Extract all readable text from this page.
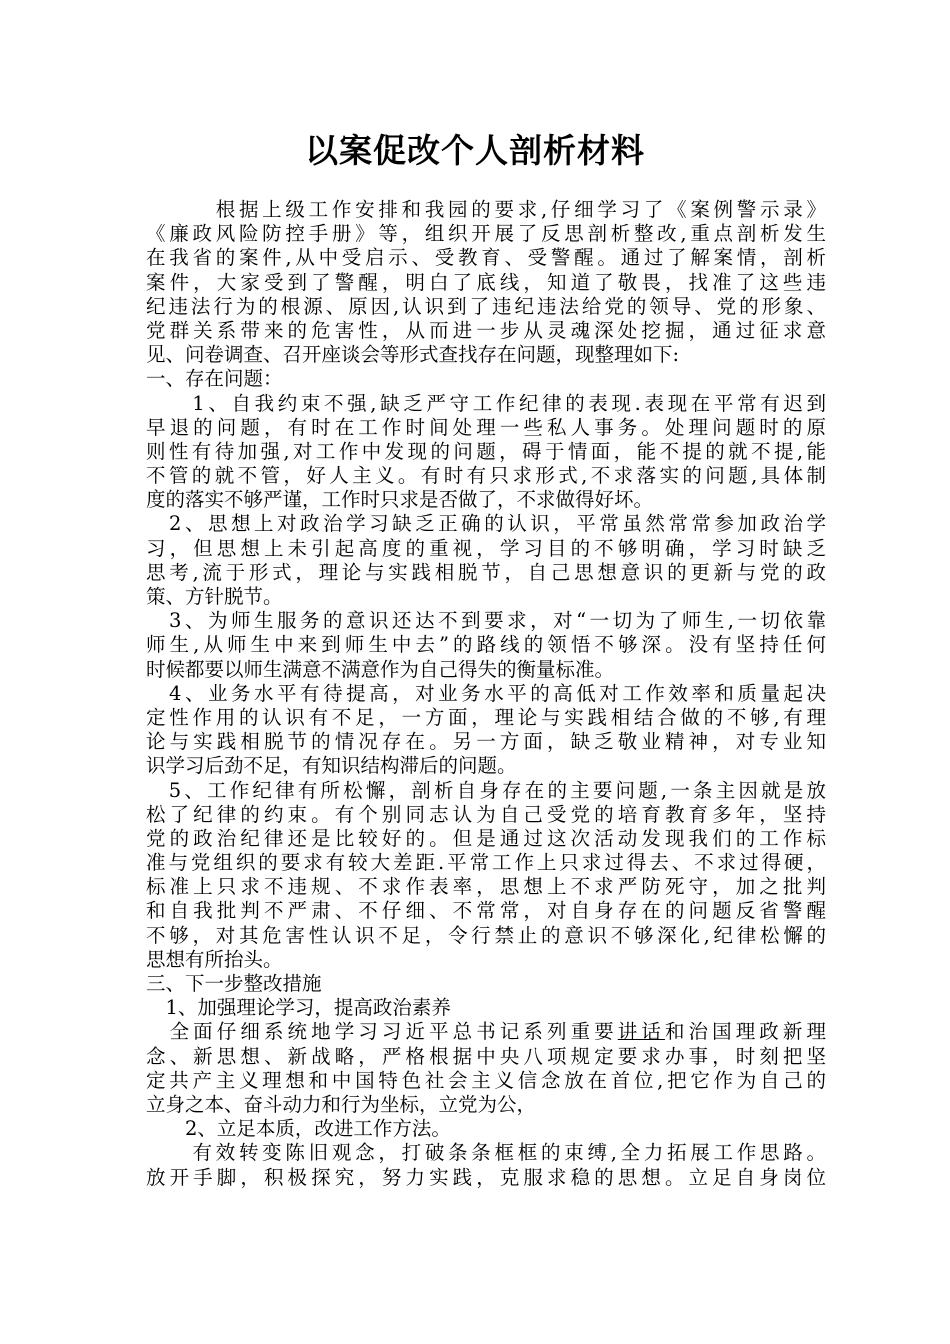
以案促改个人剖析材料
　　　根据上级工作安排和我园的要求,仔细学习了《案例警示录》
《廉政风险防控手册》等，组织开展了反思剖析整改,重点剖析发生
在我省的案件,从中受启示、受教育、受警醒。通过了解案情，剖析
案件，大家受到了警醒，明白了底线，知道了敬畏，找准了这些违
纪违法行为的根源、原因,认识到了违纪违法给党的领导、党的形象、
党群关系带来的危害性，从而进一步从灵魂深处挖掘，通过征求意
见、问卷调查、召开座谈会等形式查找存在问题，现整理如下:
一、存在问题：
　　1、自我约束不强,缺乏严守工作纪律的表现.表现在平常有迟到
早退的问题，有时在工作时间处理一些私人事务。处理问题时的原
则性有待加强,对工作中发现的问题，碍于情面，能不提的就不提,能
不管的就不管，好人主义。有时有只求形式,不求落实的问题,具体制
度的落实不够严谨，工作时只求是否做了，不求做得好坏。
　2、思想上对政治学习缺乏正确的认识，平常虽然常常参加政治学
习，但思想上未引起高度的重视，学习目的不够明确，学习时缺乏
思考,流于形式，理论与实践相脱节，自己思想意识的更新与党的政
策、方针脱节。
　3、为师生服务的意识还达不到要求，对“一切为了师生,一切依靠
师生,从师生中来到师生中去”的路线的领悟不够深。没有坚持任何
时候都要以师生满意不满意作为自己得失的衡量标准。
　4、业务水平有待提高，对业务水平的高低对工作效率和质量起决
定性作用的认识有不足，一方面，理论与实践相结合做的不够,有理
论与实践相脱节的情况存在。另一方面，缺乏敬业精神，对专业知
识学习后劲不足，有知识结构滞后的问题。
　5、工作纪律有所松懈，剖析自身存在的主要问题,一条主因就是放
松了纪律的约束。有个别同志认为自己受党的培育教育多年，坚持
党的政治纪律还是比较好的。但是通过这次活动发现我们的工作标
准与党组织的要求有较大差距.平常工作上只求过得去、不求过得硬，
标准上只求不违规、不求作表率，思想上不求严防死守，加之批判
和自我批判不严肃、不仔细、不常常，对自身存在的问题反省警醒
不够，对其危害性认识不足，令行禁止的意识不够深化,纪律松懈的
思想有所抬头。
三、下一步整改措施
　1、加强理论学习，提高政治素养
　全面仔细系统地学习习近平总书记系列重要讲话和治国理政新理
念、新思想、新战略，严格根据中央八项规定要求办事，时刻把坚
定共产主义理想和中国特色社会主义信念放在首位,把它作为自己的
立身之本、奋斗动力和行为坐标，立党为公，
　　2、立足本质，改进工作方法。
　　有效转变陈旧观念，打破条条框框的束缚,全力拓展工作思路。
放开手脚，积极探究，努力实践，克服求稳的思想。立足自身岗位
